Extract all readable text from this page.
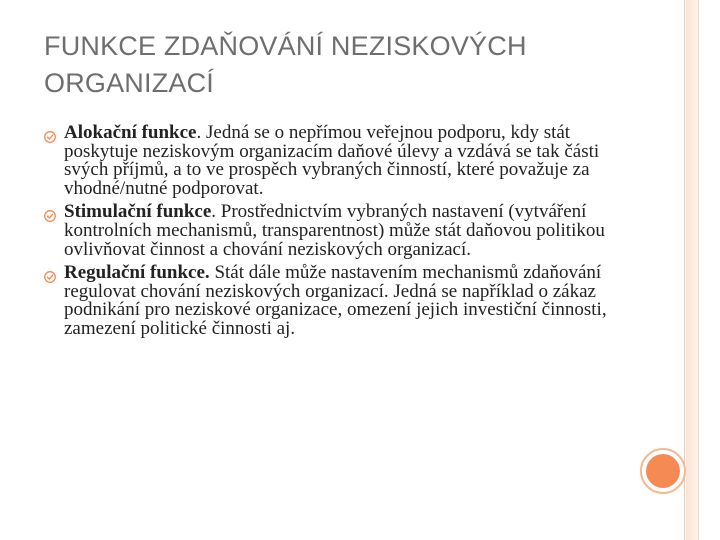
FUNKCE ZDAŇOVÁNÍ NEZISKOVÝCH ORGANIZACÍ
Alokační funkce. Jedná se o nepřímou veřejnou podporu, kdy stát poskytuje neziskovým organizacím daňové úlevy a vzdává se tak části svých příjmů, a to ve prospěch vybraných činností, které považuje za vhodné/nutné podporovat.
Stimulační funkce. Prostřednictvím vybraných nastavení (vytváření kontrolních mechanismů, transparentnost) může stát daňovou politikou ovlivňovat činnost a chování neziskových organizací.
Regulační funkce. Stát dále může nastavením mechanismů zdaňování regulovat chování neziskových organizací. Jedná se například o zákaz podnikání pro neziskové organizace, omezení jejich investiční činnosti, zamezení politické činnosti aj.
